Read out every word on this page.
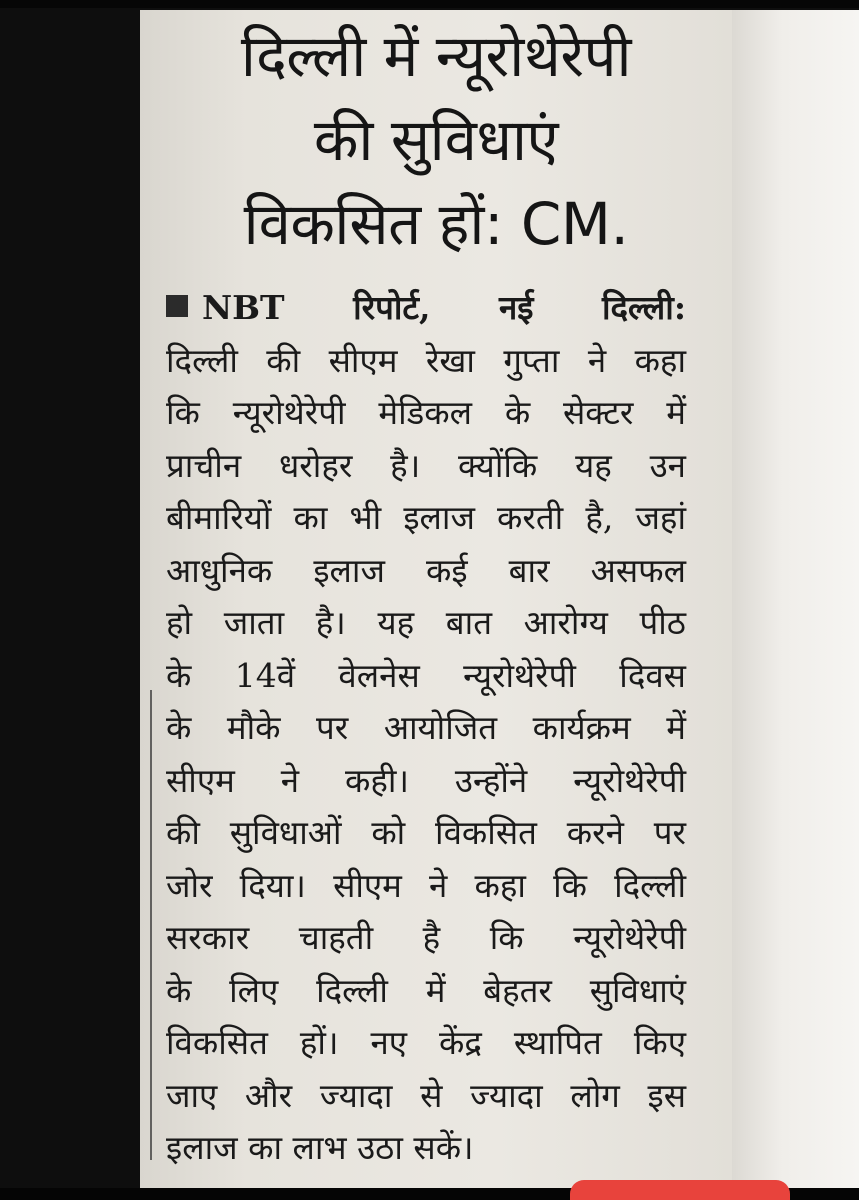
दिल्ली में न्यूरोथेरेपी
की सुविधाएं
विकसित हों: CM.
NBT रिपोर्ट, नई दिल्ली:
दिल्ली की सीएम रेखा गुप्ता ने कहा
कि न्यूरोथेरेपी मेडिकल के सेक्टर में
प्राचीन धरोहर है। क्योंकि यह उन
बीमारियों का भी इलाज करती है, जहां
आधुनिक इलाज कई बार असफल
हो जाता है। यह बात आरोग्य पीठ
के 14वें वेलनेस न्यूरोथेरेपी दिवस
के मौके पर आयोजित कार्यक्रम में
सीएम ने कही। उन्होंने न्यूरोथेरेपी
की सुविधाओं को विकसित करने पर
जोर दिया। सीएम ने कहा कि दिल्ली
सरकार चाहती है कि न्यूरोथेरेपी
के लिए दिल्ली में बेहतर सुविधाएं
विकसित हों। नए केंद्र स्थापित किए
जाए और ज्यादा से ज्यादा लोग इस
इलाज का लाभ उठा सकें।
